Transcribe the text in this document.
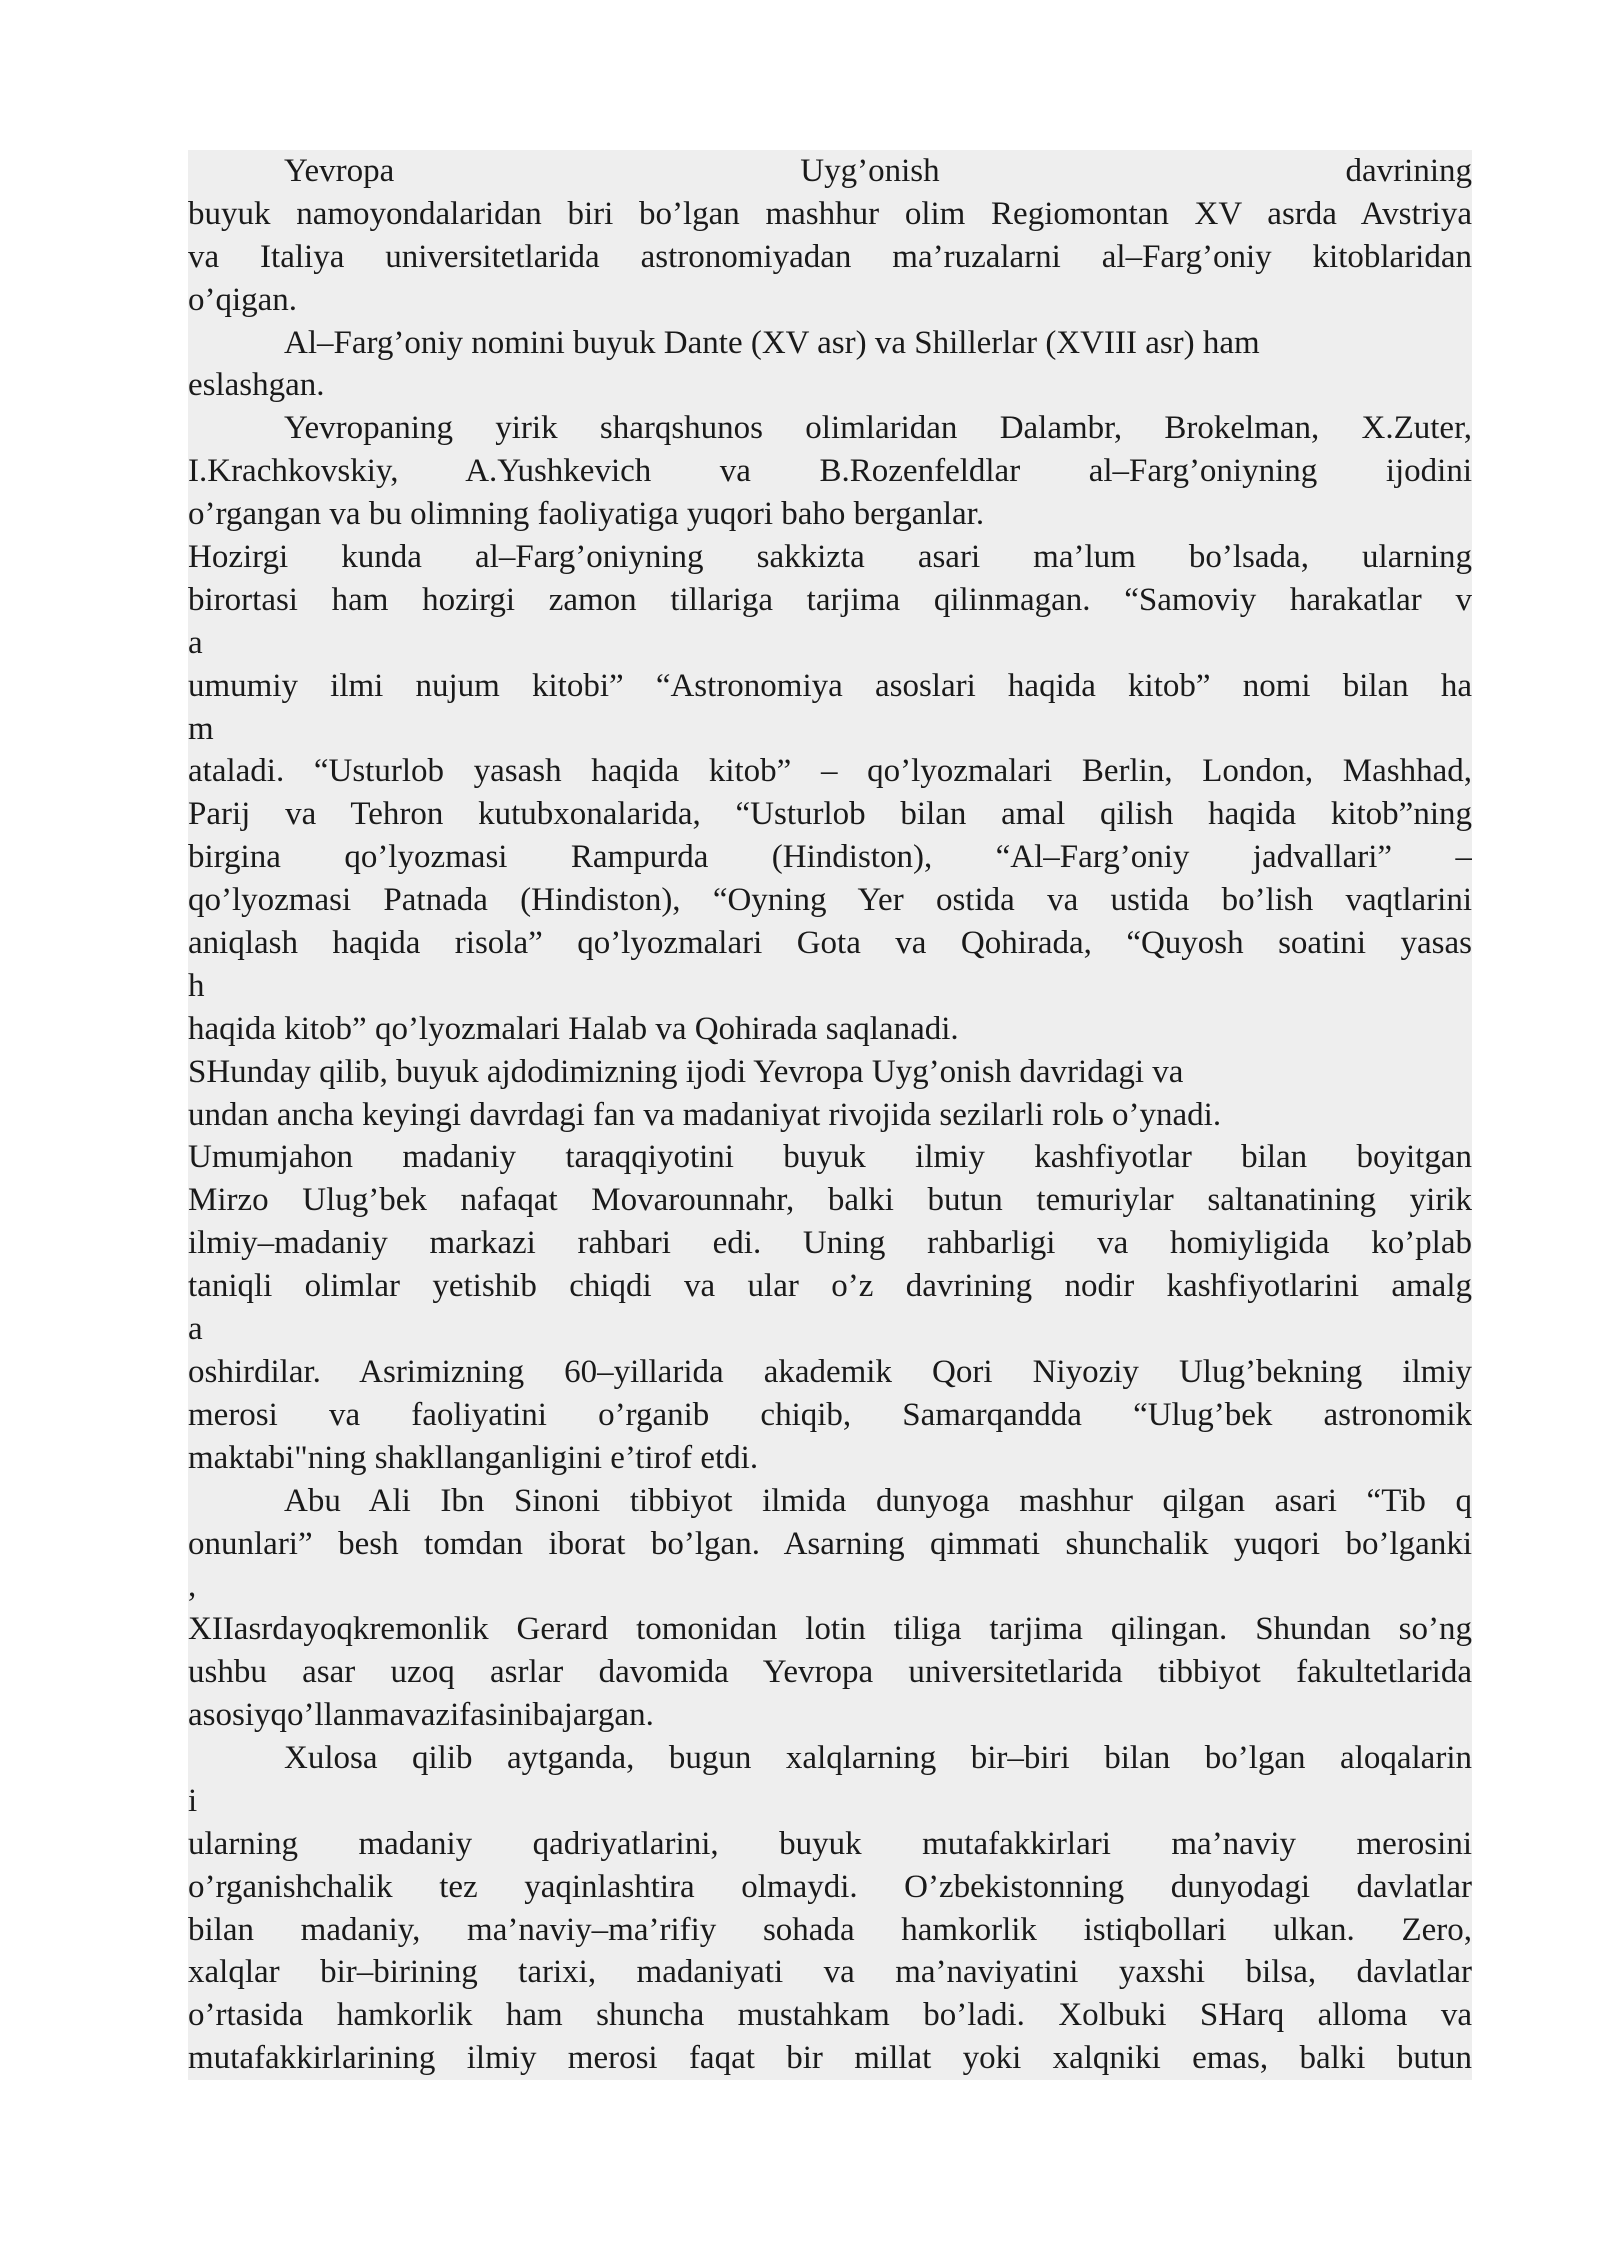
Yevropa Uyg’onish davrining
buyuk namoyondalaridan biri bo’lgan mashhur olim Regiomontan XV asrda Avstriya
va Italiya universitetlarida astronomiyadan ma’ruzalarni al–Farg’oniy kitoblaridan
o’qigan.
Al–Farg’oniy nomini buyuk Dante (XV asr) va Shillerlar (XVIII asr) ham
eslashgan.
Yevropaning yirik sharqshunos olimlaridan Dalambr, Brokelman, X.Zuter,
I.Krachkovskiy, A.Yushkevich va B.Rozenfeldlar al–Farg’oniyning ijodini
o’rgangan va bu olimning faoliyatiga yuqori baho berganlar.
Hozirgi kunda al–Farg’oniyning sakkizta asari ma’lum bo’lsada, ularning
birortasi ham hozirgi zamon tillariga tarjima qilinmagan. “Samoviy harakatlar v
a
umumiy ilmi nujum kitobi” “Astronomiya asoslari haqida kitob” nomi bilan ha
m
ataladi. “Usturlob yasash haqida kitob” – qo’lyozmalari Berlin, London, Mashhad,
Parij va Tehron kutubxonalarida, “Usturlob bilan amal qilish haqida kitob”ning
birgina qo’lyozmasi Rampurda (Hindiston), “Al–Farg’oniy jadvallari” –
qo’lyozmasi Patnada (Hindiston), “Oyning Yer ostida va ustida bo’lish vaqtlarini
aniqlash haqida risola” qo’lyozmalari Gota va Qohirada, “Quyosh soatini yasas
h
haqida kitob” qo’lyozmalari Halab va Qohirada saqlanadi.
SHunday qilib, buyuk ajdodimizning ijodi Yevropa Uyg’onish davridagi va
undan ancha keyingi davrdagi fan va madaniyat rivojida sezilarli rolь o’ynadi.
Umumjahon madaniy taraqqiyotini buyuk ilmiy kashfiyotlar bilan boyitgan
Mirzo Ulug’bek nafaqat Movarounnahr, balki butun temuriylar saltanatining yirik
ilmiy–madaniy markazi rahbari edi. Uning rahbarligi va homiyligida ko’plab
taniqli olimlar yetishib chiqdi va ular o’z davrining nodir kashfiyotlarini amalg
a
oshirdilar. Asrimizning 60–yillarida akademik Qori Niyoziy Ulug’bekning ilmiy
merosi va faoliyatini o’rganib chiqib, Samarqandda “Ulug’bek astronomik
maktabi"ning shakllanganligini e’tirof etdi.
Abu Ali Ibn Sinoni tibbiyot ilmida dunyoga mashhur qilgan asari “Tib q
onunlari” besh tomdan iborat bo’lgan. Asarning qimmati shunchalik yuqori bo’lganki
,
XIIasrdayoqkremonlik Gerard tomonidan lotin tiliga tarjima qilingan. Shundan so’ng
ushbu asar uzoq asrlar davomida Yevropa universitetlarida tibbiyot fakultetlarida
asosiyqo’llanmavazifasinibajargan.
Xulosa qilib aytganda, bugun xalqlarning bir–biri bilan bo’lgan aloqalarin
i
ularning madaniy qadriyatlarini, buyuk mutafakkirlari ma’naviy merosini
o’rganishchalik tez yaqinlashtira olmaydi. O’zbekistonning dunyodagi davlatlar
bilan madaniy, ma’naviy–ma’rifiy sohada hamkorlik istiqbollari ulkan. Zero,
xalqlar bir–birining tarixi, madaniyati va ma’naviyatini yaxshi bilsa, davlatlar
o’rtasida hamkorlik ham shuncha mustahkam bo’ladi. Xolbuki SHarq alloma va
mutafakkirlarining ilmiy merosi faqat bir millat yoki xalqniki emas, balki butun
